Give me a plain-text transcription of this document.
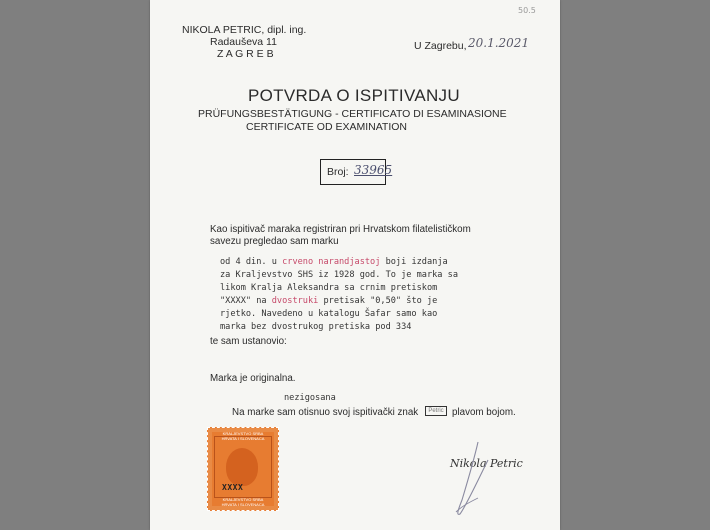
NIKOLA PETRIC, dipl. ing.
Radauševa 11
Z A G R E B
50.5
U Zagrebu, 20.1.2021
POTVRDA O ISPITIVANJU
PRÜFUNGSBESTÄTIGUNG - CERTIFICATO DI ESAMINASIONE
CERTIFICATE OD EXAMINATION
Broj: 33965
Kao ispitivač maraka registriran pri Hrvatskom filatelističkom
savezu pregledao sam marku
od 4 din. u crveno narandjastoj boji izdanja
za Kraljevstvo SHS iz 1928 god. To je marka sa
likom Kralja Aleksandra sa crnim pretiskom
"XXXX" na dvostruki pretisak "0,50" što je
rjetko. Navedeno u katalogu Šafar samo kao
marka bez dvostrukog pretiska pod 334
te sam ustanovio:
Marka je originalna.
nezigosana
Na marke sam otisnuo svoj ispitivački znak	Petric plavom bojom.
Nikola Petric
KRALJEVSTVO SRBA HRVATA I SLOVENACA
XXXX
KRALJEVSTVO SRBA HRVATA I SLOVENACA
